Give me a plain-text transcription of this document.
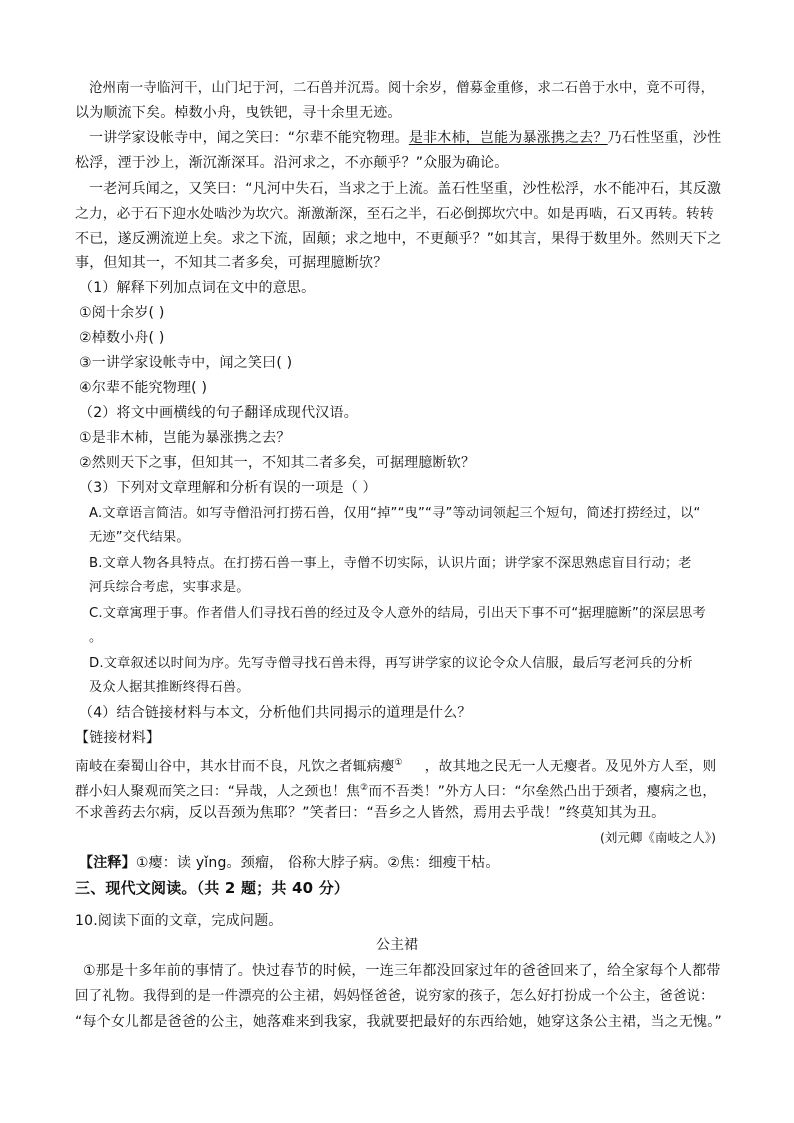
沧州南一寺临河干，山门圮于河，二石兽并沉焉。阅十余岁，僧募金重修，求二石兽于水中，竟不可得，
以为顺流下矣。棹数小舟，曳铁钯，寻十余里无迹。
一讲学家设帐寺中，闻之笑曰：“尔辈不能究物理。是非木杮，岂能为暴涨携之去？乃石性坚重，沙性
松浮，湮于沙上，渐沉渐深耳。沿河求之，不亦颠乎？”众服为确论。
一老河兵闻之，又笑曰：“凡河中失石，当求之于上流。盖石性坚重，沙性松浮，水不能冲石，其反激
之力，必于石下迎水处啮沙为坎穴。渐激渐深，至石之半，石必倒掷坎穴中。如是再啮，石又再转。转转
不已，遂反溯流逆上矣。求之下流，固颠；求之地中，不更颠乎？”如其言，果得于数里外。然则天下之
事，但知其一，不知其二者多矣，可据理臆断欤？
（1）解释下列加点词在文中的意思。
①阅十余岁( )
②棹数小舟( )
③一讲学家设帐寺中，闻之笑曰( )
④尔辈不能究物理( )
（2）将文中画横线的句子翻译成现代汉语。
①是非木杮，岂能为暴涨携之去？
②然则天下之事，但知其一，不知其二者多矣，可据理臆断软？
（3）下列对文章理解和分析有误的一项是（ ）
A.文章语言简洁。如写寺僧沿河打捞石兽，仅用“掉”“曳”“寻”等动词领起三个短句，简述打捞经过，以“
无迹”交代结果。
B.文章人物各具特点。在打捞石兽一事上，寺僧不切实际，认识片面；讲学家不深思熟虑盲目行动；老
河兵综合考虑，实事求是。
C.文章寓理于事。作者借人们寻找石兽的经过及令人意外的结局，引出天下事不可“据理臆断”的深层思考
。
D.文章叙述以时间为序。先写寺僧寻找石兽未得，再写讲学家的议论令众人信服，最后写老河兵的分析
及众人据其推断终得石兽。
（4）结合链接材料与本文，分析他们共同揭示的道理是什么？
【链接材料】
南岐在秦蜀山谷中，其水甘而不良，凡饮之者辄病瘿① ，故其地之民无一人无瘿者。及见外方人至，则
群小妇人聚观而笑之曰：“异哉，人之颈也！焦②而不吾类！”外方人曰：“尔垒然凸出于颈者，瘿病之也，
不求善药去尔病，反以吾颈为焦耶？”笑者曰：“吾乡之人皆然，焉用去乎哉！”终莫知其为丑。
(刘元卿《南岐之人》)
【注释】①瘿：读 yǐng。颈瘤， 俗称大脖子病。②焦：细瘦干枯。
三、现代文阅读。（共 2 题；共 40 分）
10.阅读下面的文章，完成问题。
公主裙
①那是十多年前的事情了。快过春节的时候，一连三年都没回家过年的爸爸回来了，给全家每个人都带
回了礼物。我得到的是一件漂亮的公主裙，妈妈怪爸爸，说穷家的孩子，怎么好打扮成一个公主，爸爸说：
“每个女儿都是爸爸的公主，她落难来到我家，我就要把最好的东西给她，她穿这条公主裙，当之无愧。”
